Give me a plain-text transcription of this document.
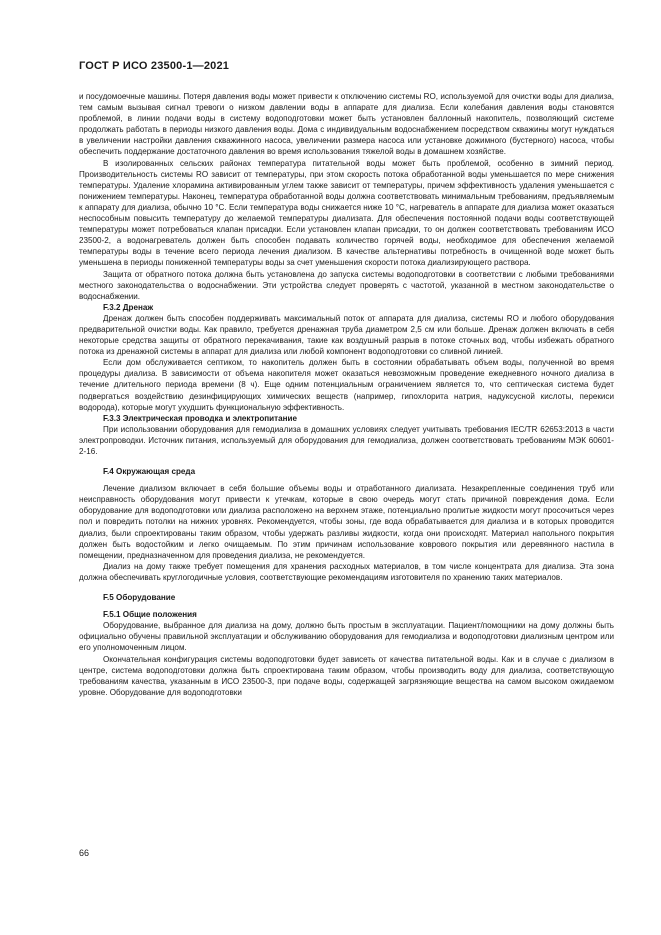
ГОСТ Р ИСО 23500-1—2021

и посудомоечные машины. Потеря давления воды может привести к отключению системы RO, используемой для очистки воды для диализа, тем самым вызывая сигнал тревоги о низком давлении воды в аппарате для диализа. Если колебания давления воды становятся проблемой, в линии подачи воды в систему водоподготовки может быть установлен баллонный накопитель, позволяющий системе продолжать работать в периоды низкого давления воды. Дома с индивидуальным водоснабжением посредством скважины могут нуждаться в увеличении настройки давления скважинного насоса, увеличении размера насоса или установке дожимного (бустерного) насоса, чтобы обеспечить поддержание достаточного давления во время использования тяжелой воды в домашнем хозяйстве.

В изолированных сельских районах температура питательной воды может быть проблемой, особенно в зимний период. Производительность системы RO зависит от температуры, при этом скорость потока обработанной воды уменьшается по мере снижения температуры. Удаление хлорамина активированным углем также зависит от температуры, причем эффективность удаления уменьшается с понижением температуры. Наконец, температура обработанной воды должна соответствовать минимальным требованиям, предъявляемым к аппарату для диализа, обычно 10 °С. Если температура воды снижается ниже 10 °С, нагреватель в аппарате для диализа может оказаться неспособным повысить температуру до желаемой температуры диализата. Для обеспечения постоянной подачи воды соответствующей температуры может потребоваться клапан присадки. Если установлен клапан присадки, то он должен соответствовать требованиям ИСО 23500-2, а водонагреватель должен быть способен подавать количество горячей воды, необходимое для обеспечения желаемой температуры воды в течение всего периода лечения диализом. В качестве альтернативы потребность в очищенной воде может быть уменьшена в периоды пониженной температуры воды за счет уменьшения скорости потока диализирующего раствора.

Защита от обратного потока должна быть установлена до запуска системы водоподготовки в соответствии с любыми требованиями местного законодательства о водоснабжении. Эти устройства следует проверять с частотой, указанной в местном законодательстве о водоснабжении.

F.3.2 Дренаж

Дренаж должен быть способен поддерживать максимальный поток от аппарата для диализа, системы RO и любого оборудования предварительной очистки воды. Как правило, требуется дренажная труба диаметром 2,5 см или больше. Дренаж должен включать в себя некоторые средства защиты от обратного перекачивания, такие как воздушный разрыв в потоке сточных вод, чтобы избежать обратного потока из дренажной системы в аппарат для диализа или любой компонент водоподготовки со сливной линией.

Если дом обслуживается септиком, то накопитель должен быть в состоянии обрабатывать объем воды, полученной во время процедуры диализа. В зависимости от объема накопителя может оказаться невозможным проведение ежедневного ночного диализа в течение длительного периода времени (8 ч). Еще одним потенциальным ограничением является то, что септическая система будет подвергаться воздействию дезинфицирующих химических веществ (например, гипохлорита натрия, надуксусной кислоты, перекиси водорода), которые могут ухудшить функциональную эффективность.

F.3.3 Электрическая проводка и электропитание

При использовании оборудования для гемодиализа в домашних условиях следует учитывать требования IEC/TR 62653:2013 в части электропроводки. Источник питания, используемый для оборудования для гемодиализа, должен соответствовать требованиям МЭК 60601-2-16.

F.4 Окружающая среда

Лечение диализом включает в себя большие объемы воды и отработанного диализата. Незакрепленные соединения труб или неисправность оборудования могут привести к утечкам, которые в свою очередь могут стать причиной повреждения дома. Если оборудование для водоподготовки или диализа расположено на верхнем этаже, потенциально пролитые жидкости могут просочиться через пол и повредить потолки на нижних уровнях. Рекомендуется, чтобы зоны, где вода обрабатывается для диализа и в которых проводится диализ, были спроектированы таким образом, чтобы удержать разливы жидкости, когда они происходят. Материал напольного покрытия должен быть водостойким и легко очищаемым. По этим причинам использование коврового покрытия или деревянного настила в помещении, предназначенном для проведения диализа, не рекомендуется.

Диализ на дому также требует помещения для хранения расходных материалов, в том числе концентрата для диализа. Эта зона должна обеспечивать круглогодичные условия, соответствующие рекомендациям изготовителя по хранению таких материалов.

F.5 Оборудование

F.5.1 Общие положения

Оборудование, выбранное для диализа на дому, должно быть простым в эксплуатации. Пациент/помощники на дому должны быть официально обучены правильной эксплуатации и обслуживанию оборудования для гемодиализа и водоподготовки диализным центром или его уполномоченным лицом.

Окончательная конфигурация системы водоподготовки будет зависеть от качества питательной воды. Как и в случае с диализом в центре, система водоподготовки должна быть спроектирована таким образом, чтобы производить воду для диализа, соответствующую требованиям качества, указанным в ИСО 23500-3, при подаче воды, содержащей загрязняющие вещества на самом высоком ожидаемом уровне. Оборудование для водоподготовки

66
